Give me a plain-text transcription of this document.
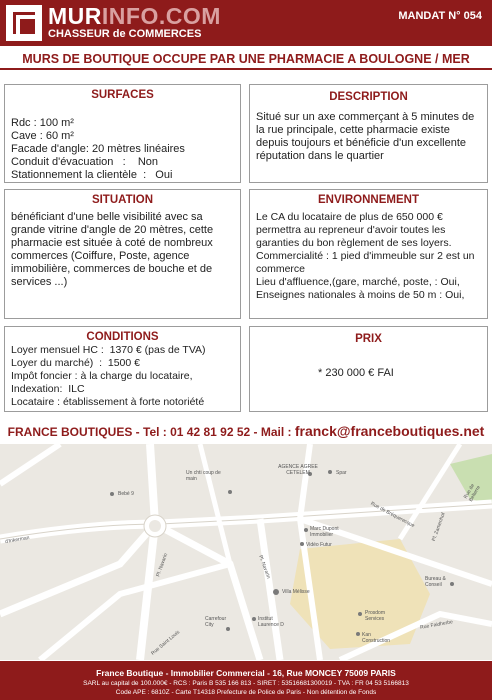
MURINFO.COM
CHASSEUR de COMMERCES
MANDAT N° 054
MURS DE BOUTIQUE OCCUPE PAR UNE PHARMACIE A BOULOGNE / MER
SURFACES
Rdc : 100 m²
Cave : 60 m²
Facade d'angle: 20 mètres linéaires
Conduit d'évacuation   :    Non
Stationnement la clientèle  :   Oui
DESCRIPTION
Situé sur un axe commerçant à 5 minutes de la rue principale, cette pharmacie existe depuis toujours et bénéficie d'un excellente réputation dans le quartier
SITUATION
bénéficiant d'une belle visibilité avec sa grande vitrine d'angle de 20 mètres, cette pharmacie est située à coté de nombreux commerces (Coiffure, Poste, agence immobilière, commerces de bouche et de services ...)
ENVIRONNEMENT
Le CA du locataire de plus de 650 000 € permettra au repreneur d'avoir toutes les garanties du bon règlement de ses loyers.
Commercialité : 1 pied d'immeuble sur 2 est un commerce
Lieu d'affluence,(gare, marché, poste, : Oui,
Enseignes nationales à moins de 50 m : Oui,
CONDITIONS
Loyer mensuel HC :  1370 € (pas de TVA)
Loyer du marché)  :  1500 €
Impôt foncier : à la charge du locataire,
Indexation:  ILC
Locataire : établissement à forte notoriété
PRIX
* 230 000 € FAI
FRANCE BOUTIQUES - Tel : 01 42 81 92 52 - Mail : franck@franceboutiques.net
Un chti coup de main
AGENCE AGREE CETELEM	Spar
Bebé 9
Marc Dupont Immobilier
Vidéo Futur
Rue de Bréquerecque
Pl. Navarin	Pl. Navarin
Villa Mélisse
Bureau & Conseil
Carrefour City
Prosdom Services
Kan Construction
Institut Laurence D
d'Inkerman	Pl. Zamenhof
Rue Faidherbe
Rue Saint Louis
Rue de Belterre
France Boutique - Immobilier Commercial - 16, Rue MONCEY 75009 PARIS
SARL au capital de 100.000€ - RCS : Paris B 535 166 813 - SIRET : 53516681300019 - TVA : FR 04 53 5166813
Code APE : 6810Z - Carte T14318 Prefecture de Police de Paris - Non détention de Fonds
